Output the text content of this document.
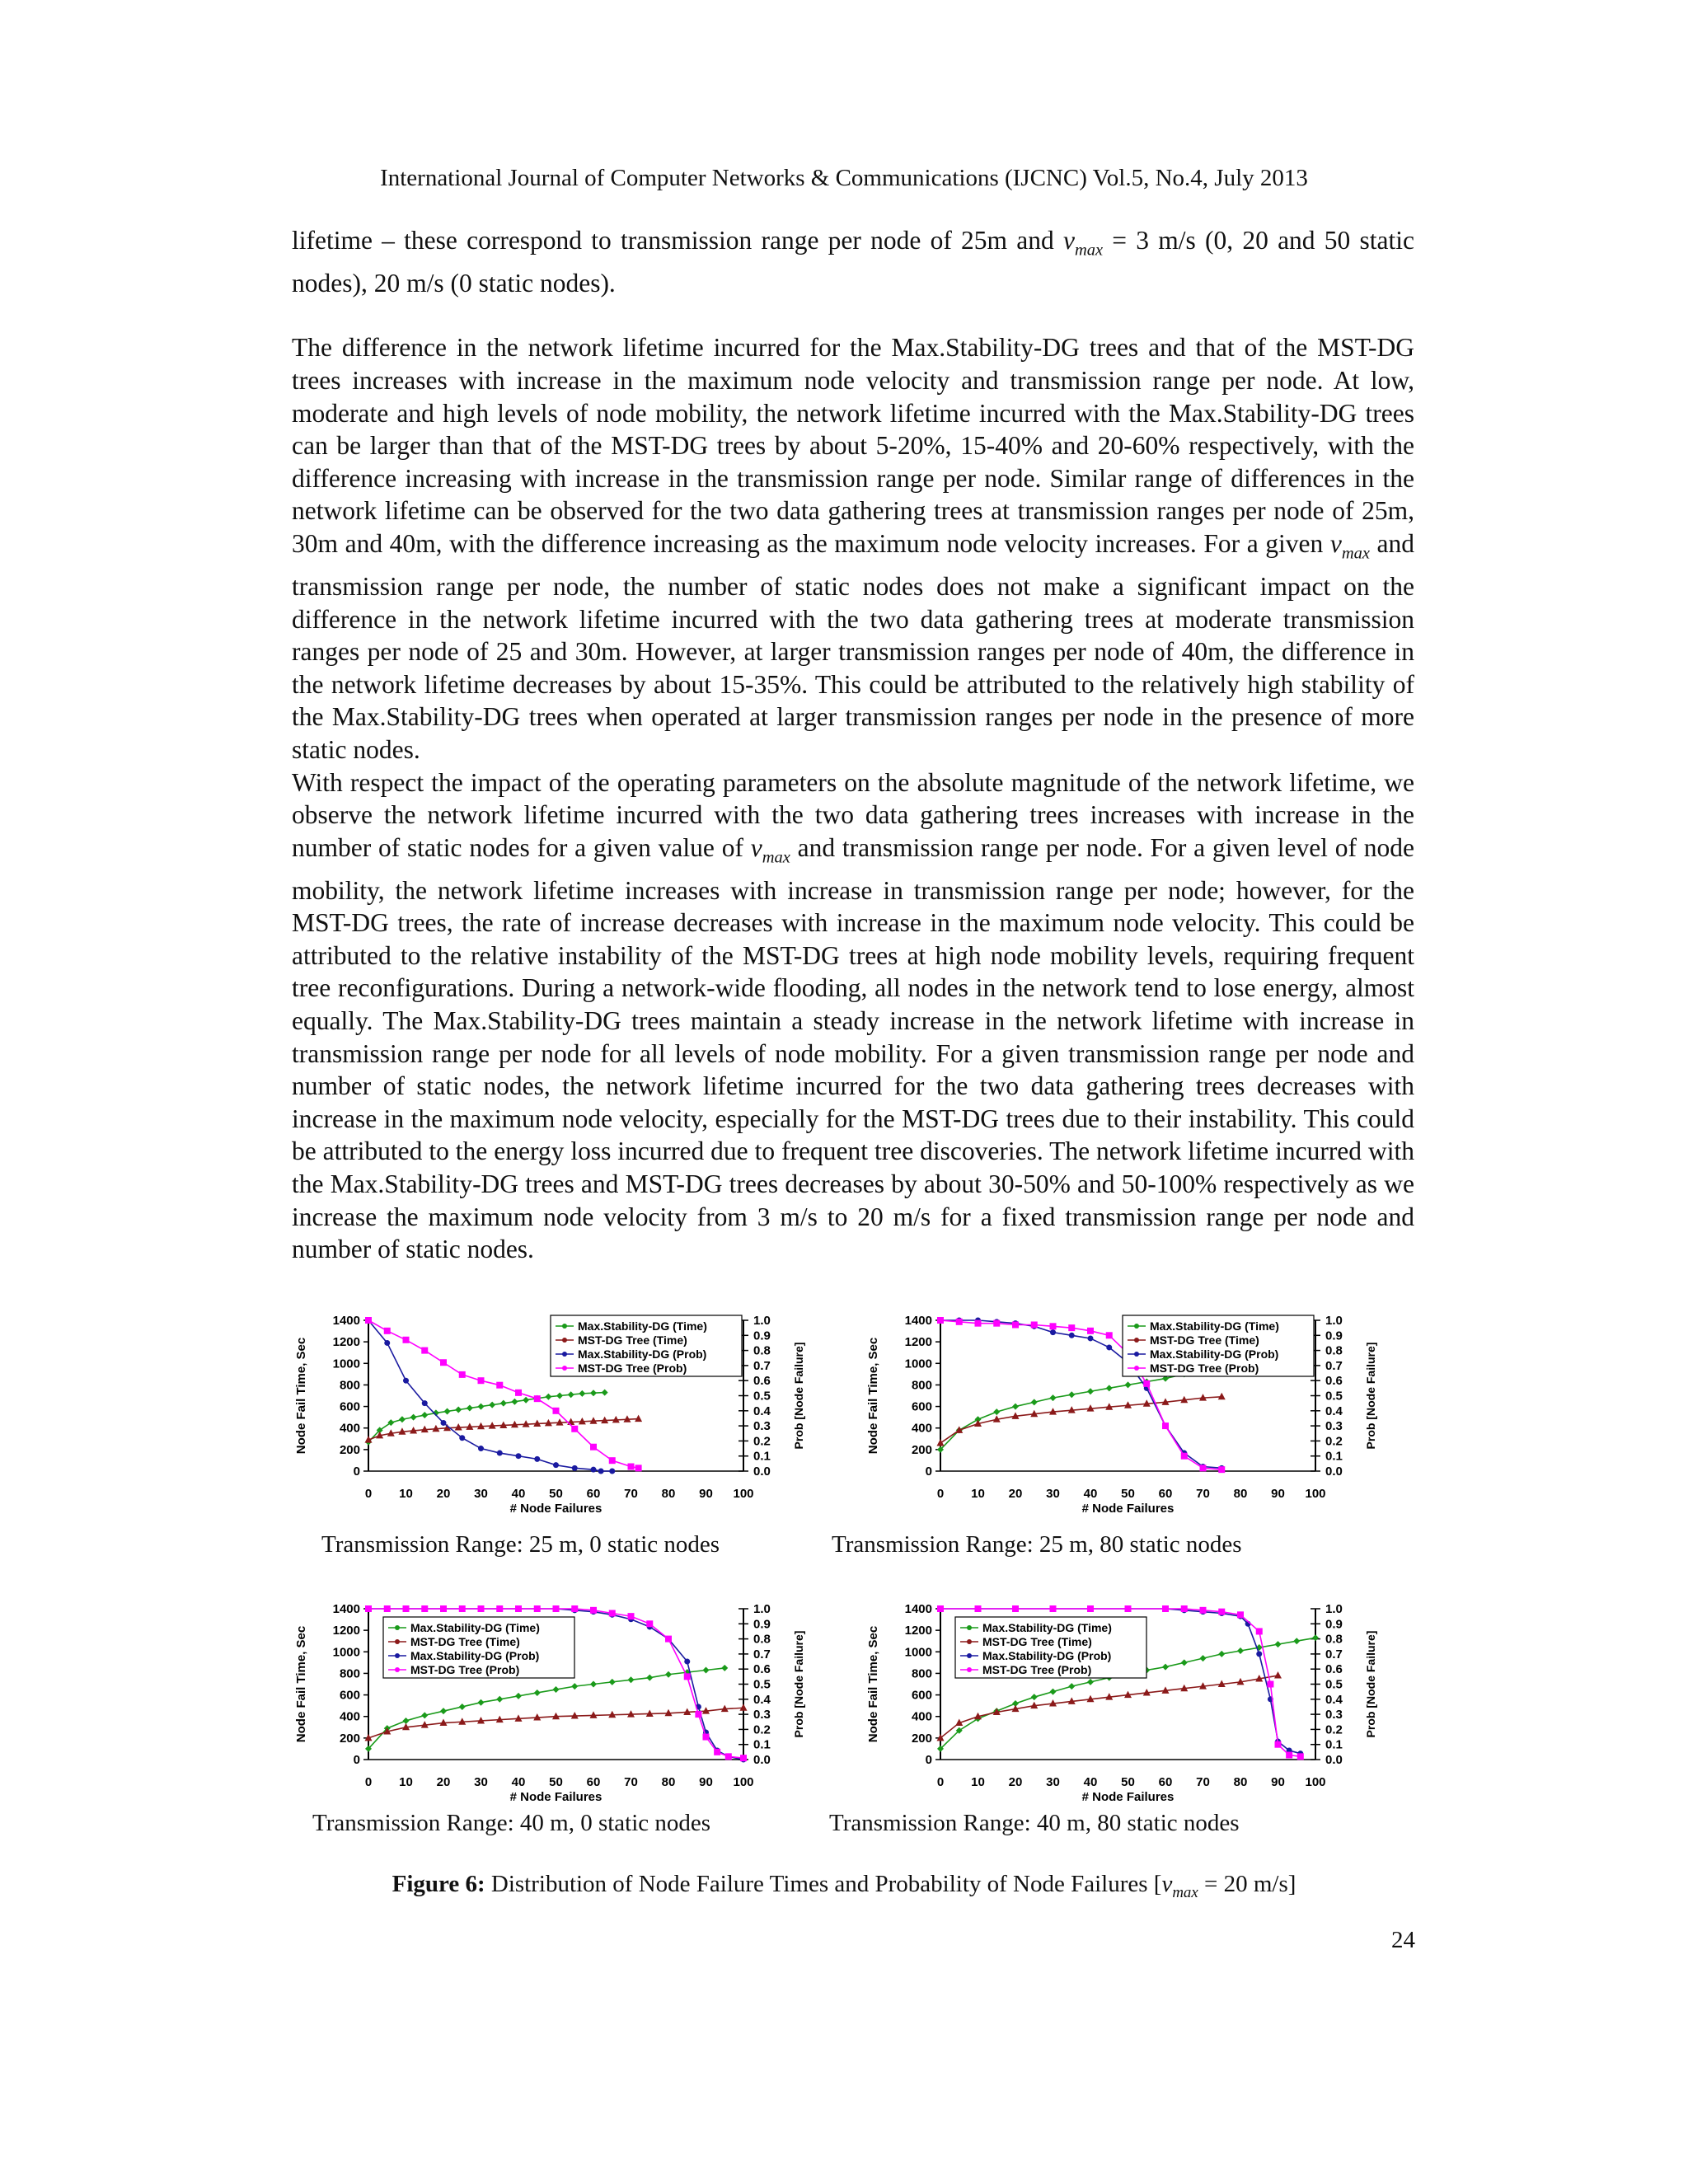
International Journal of Computer Networks & Communications (IJCNC) Vol.5, No.4, July 2013

lifetime – these correspond to transmission range per node of 25m and $v_{max} = 3$ m/s (0, 20 and 50 static nodes), 20 m/s (0 static nodes).

The difference in the network lifetime incurred for the Max.Stability-DG trees and that of the MST-DG trees increases with increase in the maximum node velocity and transmission range per node. At low, moderate and high levels of node mobility, the network lifetime incurred with the Max.Stability-DG trees can be larger than that of the MST-DG trees by about 5-20%, 15-40% and 20-60% respectively, with the difference increasing with increase in the transmission range per node. Similar range of differences in the network lifetime can be observed for the two data gathering trees at transmission ranges per node of 25m, 30m and 40m, with the difference increasing as the maximum node velocity increases. For a given $v_{max}$ and transmission range per node, the number of static nodes does not make a significant impact on the difference in the network lifetime incurred with the two data gathering trees at moderate transmission ranges per node of 25 and 30m. However, at larger transmission ranges per node of 40m, the difference in the network lifetime decreases by about 15-35%. This could be attributed to the relatively high stability of the Max.Stability-DG trees when operated at larger transmission ranges per node in the presence of more static nodes.

With respect the impact of the operating parameters on the absolute magnitude of the network lifetime, we observe the network lifetime incurred with the two data gathering trees increases with increase in the number of static nodes for a given value of $v_{max}$ and transmission range per node. For a given level of node mobility, the network lifetime increases with increase in transmission range per node; however, for the MST-DG trees, the rate of increase decreases with increase in the maximum node velocity. This could be attributed to the relative instability of the MST-DG trees at high node mobility levels, requiring frequent tree reconfigurations. During a network-wide flooding, all nodes in the network tend to lose energy, almost equally. The Max.Stability-DG trees maintain a steady increase in the network lifetime with increase in transmission range per node for all levels of node mobility. For a given transmission range per node and number of static nodes, the network lifetime incurred for the two data gathering trees decreases with increase in the maximum node velocity, especially for the MST-DG trees due to their instability. This could be attributed to the energy loss incurred due to frequent tree discoveries. The network lifetime incurred with the Max.Stability-DG trees and MST-DG trees decreases by about 30-50% and 50-100% respectively as we increase the maximum node velocity from 3 m/s to 20 m/s for a fixed transmission range per node and number of static nodes.

0
200
400
600
800
1000
1200
1400
0.0
0.1
0.2
0.3
0.4
0.5
0.6
0.7
0.8
0.9
1.0
0 10 20 30 40 50 60 70 80 90 100
# Node Failures
Node Fail Time, Sec	Prob [Node Failure]
Max.Stability-DG (Time)
MST-DG Tree (Time)
Max.Stability-DG (Prob)
MST-DG Tree (Prob)
Transmission Range: 25 m, 0 static nodes
0
200
400
600
800
1000
1200
1400
0.0
0.1
0.2
0.3
0.4
0.5
0.6
0.7
0.8
0.9
1.0
0 10 20 30 40 50 60 70 80 90 100
# Node Failures
Node Fail Time, Sec	Prob [Node Failure]
Max.Stability-DG (Time)
MST-DG Tree (Time)
Max.Stability-DG (Prob)
MST-DG Tree (Prob)
Transmission Range: 25 m, 80 static nodes
0
200
400
600
800
1000
1200
1400
0.0
0.1
0.2
0.3
0.4
0.5
0.6
0.7
0.8
0.9
1.0
0 10 20 30 40 50 60 70 80 90 100
# Node Failures
Node Fail Time, Sec	Prob [Node Failure]
Max.Stability-DG (Time)
MST-DG Tree (Time)
Max.Stability-DG (Prob)
MST-DG Tree (Prob)
Transmission Range: 40 m, 0 static nodes
0
200
400
600
800
1000
1200
1400
0.0
0.1
0.2
0.3
0.4
0.5
0.6
0.7
0.8
0.9
1.0
0 10 20 30 40 50 60 70 80 90 100
# Node Failures
Node Fail Time, Sec	Prob [Node Failure]
Max.Stability-DG (Time)
MST-DG Tree (Time)
Max.Stability-DG (Prob)
MST-DG Tree (Prob)
Transmission Range: 40 m, 80 static nodes
Figure 6: Distribution of Node Failure Times and Probability of Node Failures [$v_{max} = 20$ m/s]
24
